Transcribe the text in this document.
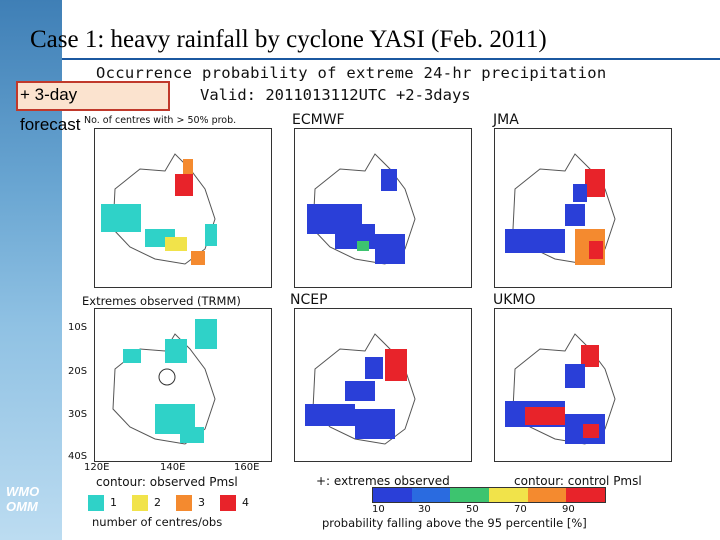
WMO
OMM
Case 1: heavy rainfall by cyclone YASI (Feb. 2011)
+ 3-day
forecast
Occurrence probability of extreme 24-hr precipitation
Valid: 2011013112UTC +2-3days
No. of centres with > 50% prob.	ECMWF	JMA
NCEP	UKMO
Extremes observed (TRMM)
10S
20S
30S
40S
120E	140E	160E
contour: observed Pmsl	+: extremes observed	contour: control Pmsl
1	2	3	4
number of centres/obs
10	30	50	70	90
probability falling above the 95 percentile [%]
